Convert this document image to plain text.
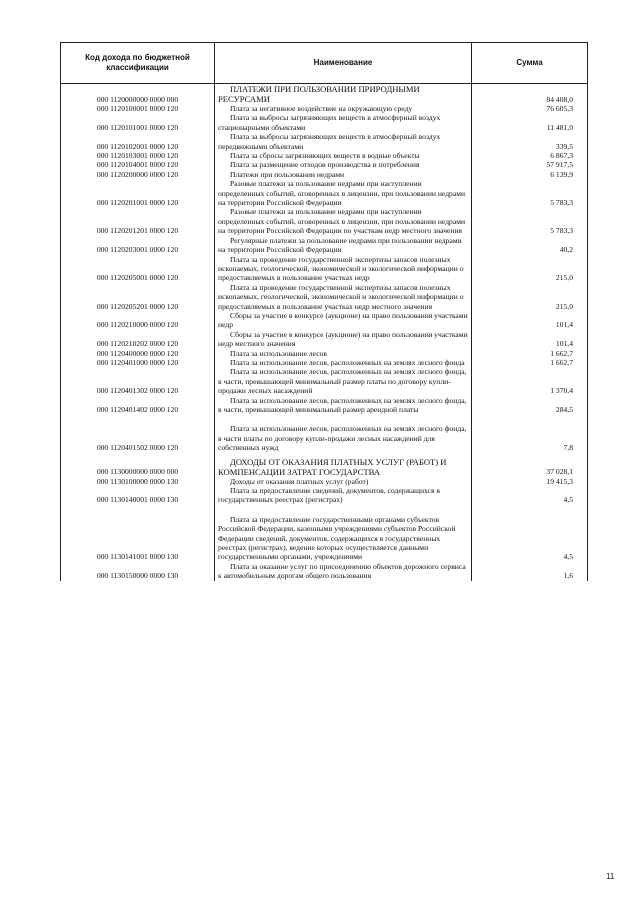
Код дохода по бюджетной классификации	Наименование	Сумма
000 1120000000 0000 000	ПЛАТЕЖИ ПРИ ПОЛЬЗОВАНИИ ПРИРОДНЫМИ РЕСУРСАМИ	84 408,0
000 1120100001 0000 120	Плата за негативное воздействие на окружающую среду	76 605,3
000 1120101001 0000 120	Плата за выбросы загрязняющих веществ в атмосферный воздух стационарными объектами	11 481,0
000 1120102001 0000 120	Плата за выбросы загрязняющих веществ в атмосферный воздух передвижными объектами	339,5
000 1120103001 0000 120	Плата за сбросы загрязняющих веществ в водные объекты	6 867,3
000 1120104001 0000 120	Плата за размещение отходов производства и потребления	57 917,5
000 1120200000 0000 120	Платежи при пользовании недрами	6 139,9
000 1120201001 0000 120	Разовые платежи за пользование недрами при наступлении определенных событий, оговоренных в лицензии, при пользовании недрами на территории Российской Федерации	5 783,3
000 1120201201 0000 120	Разовые платежи за пользование недрами при наступлении определенных событий, оговоренных в лицензии, при пользовании недрами на территории Российской Федерации по участкам недр местного значения	5 783,3
000 1120203001 0000 120	Регулярные платежи за пользование недрами при пользовании недрами на территории Российской Федерации	40,2
000 1120205001 0000 120	Плата за проведение государственной экспертизы запасов полезных ископаемых, геологической, экономической и экологической информации о предоставляемых в пользование участках недр	215,0
000 1120205201 0000 120	Плата за проведение государственной экспертизы запасов полезных ископаемых, геологической, экономической и экологической информации о предоставляемых в пользование участках недр местного значения	215,0
000 1120210000 0000 120	Сборы за участие в конкурсе (аукционе) на право пользования участками недр	101,4
000 1120210202 0000 120	Сборы за участие в конкурсе (аукционе) на право пользования участками недр местного значения	101,4
000 1120400000 0000 120	Плата за использование лесов	1 662,7
000 1120401000 0000 120	Плата за использование лесов, расположенных на землях лесного фонда	1 662,7
000 1120401302 0000 120	Плата за использование лесов, расположенных на землях лесного фонда, в части, превышающей минимальный размер платы по договору купли-продажи лесных насаждений	1 370,4
000 1120401402 0000 120	Плата за использование лесов, расположенных на землях лесного фонда, в части, превышающей минимальный размер арендной платы	284,5
000 1120401502 0000 120	Плата за использование лесов, расположенных на землях лесного фонда, в части платы по договору купли-продажи лесных насаждений для собственных нужд	7,8
000 1130000000 0000 000	ДОХОДЫ ОТ ОКАЗАНИЯ ПЛАТНЫХ УСЛУГ (РАБОТ) И КОМПЕНСАЦИИ ЗАТРАТ ГОСУДАРСТВА	37 028,1
000 1130100000 0000 130	Доходы от оказания платных услуг (работ)	19 415,3
000 1130140001 0000 130	Плата за предоставление сведений, документов, содержащихся в государственных реестрах (регистрах)	4,5
000 1130141001 0000 130	Плата за предоставление государственными органами субъектов Российской Федерации, казенными учреждениями субъектов Российской Федерации сведений, документов, содержащихся в государственных реестрах (регистрах), ведение которых осуществляется данными государственными органами, учреждениями	4,5
000 1130150000 0000 130	Плата за оказание услуг по присоединению объектов дорожного сервиса к автомобильным дорогам общего пользования	1,6
11
